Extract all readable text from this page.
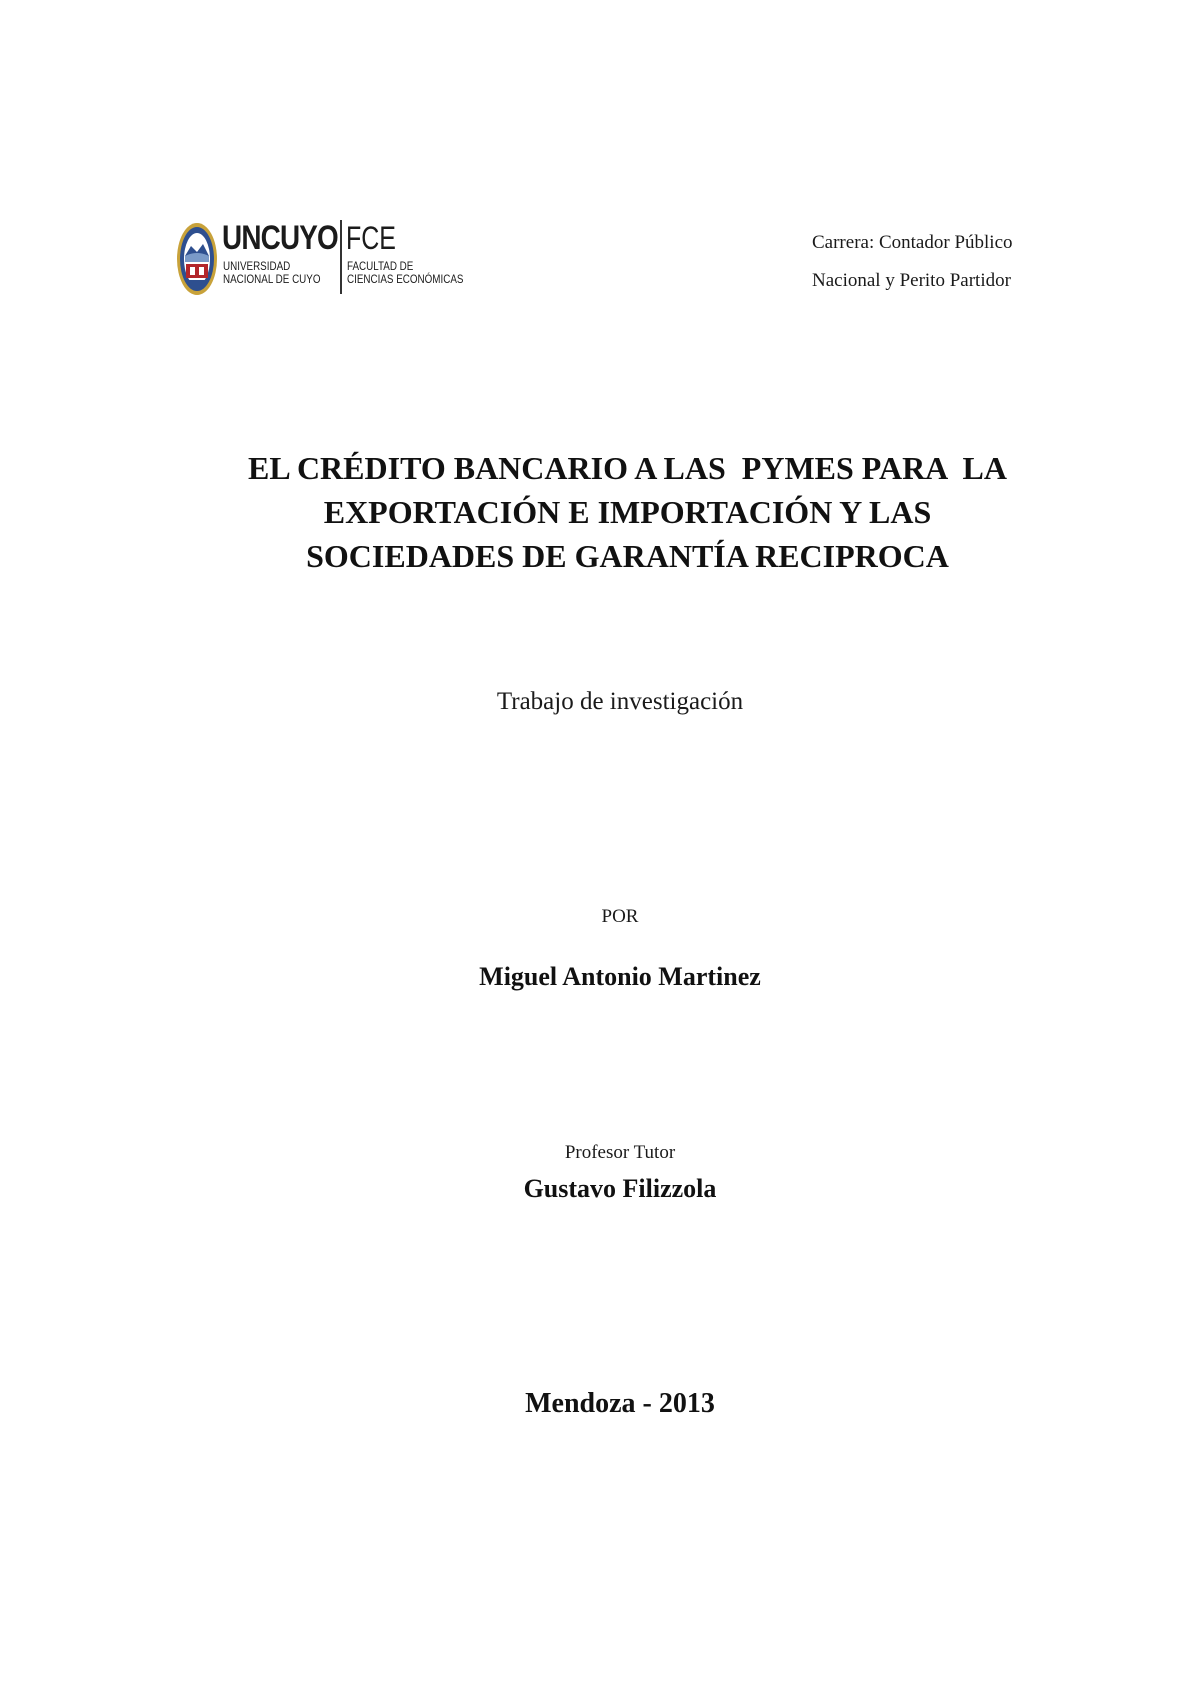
UNCUYO
UNIVERSIDAD
NACIONAL DE CUYO
FCE
FACULTAD DE
CIENCIAS ECONÓMICAS
Carrera: Contador Público
Nacional y Perito Partidor
EL CRÉDITO BANCARIO A LAS  PYMES PARA  LA
EXPORTACIÓN E IMPORTACIÓN Y LAS
SOCIEDADES DE GARANTÍA RECIPROCA
Trabajo de investigación
POR
Miguel Antonio Martinez
Profesor Tutor
Gustavo Filizzola
Mendoza - 2013
